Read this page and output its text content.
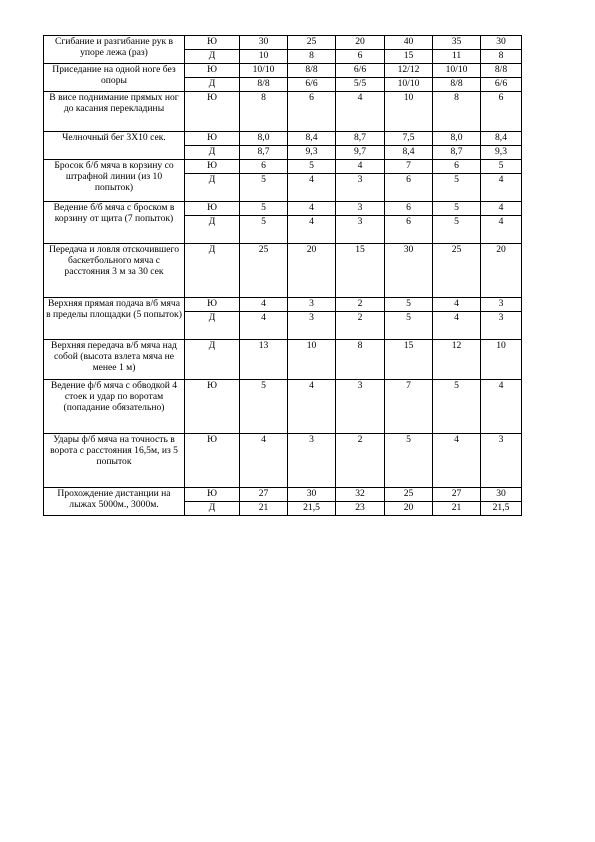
Сгибание и разгибание рук в упоре лежа (раз)	Ю	30	25	20	40	35	30
	Д	10	8	6	15	11	8
Приседание на одной ноге без опоры	Ю	10/10	8/8	6/6	12/12	10/10	8/8
	Д	8/8	6/6	5/5	10/10	8/8	6/6
В висе поднимание прямых ног до касания перекладины	Ю	8	6	4	10	8	6
Челночный бег 3X10 сек.	Ю	8,0	8,4	8,7	7,5	8,0	8,4
	Д	8,7	9,3	9,7	8,4	8,7	9,3
Бросок б/б мяча в корзину со штрафной линии (из 10 попыток)	Ю	6	5	4	7	6	5
	Д	5	4	3	6	5	4
Ведение б/б мяча с броском в корзину от щита (7 попыток)	Ю	5	4	3	6	5	4
	Д	5	4	3	6	5	4
Передача и ловля отскочившего баскетбольного мяча с расстояния 3 м за 30 сек	Д	25	20	15	30	25	20
Верхняя прямая подача в/б мяча в пределы площадки (5 попыток)	Ю	4	3	2	5	4	3
	Д	4	3	2	5	4	3
Верхняя передача в/б мяча над собой (высота взлета мяча не менее 1 м)	Д	13	10	8	15	12	10
Ведение ф/б мяча с обводкой 4 стоек и удар по воротам (попадание обязательно)	Ю	5	4	3	7	5	4
Удары ф/б мяча на точность в ворота с расстояния 16,5м, из 5 попыток	Ю	4	3	2	5	4	3
Прохождение дистанции на лыжах 5000м., 3000м.	Ю	27	30	32	25	27	30
	Д	21	21,5	23	20	21	21,5
